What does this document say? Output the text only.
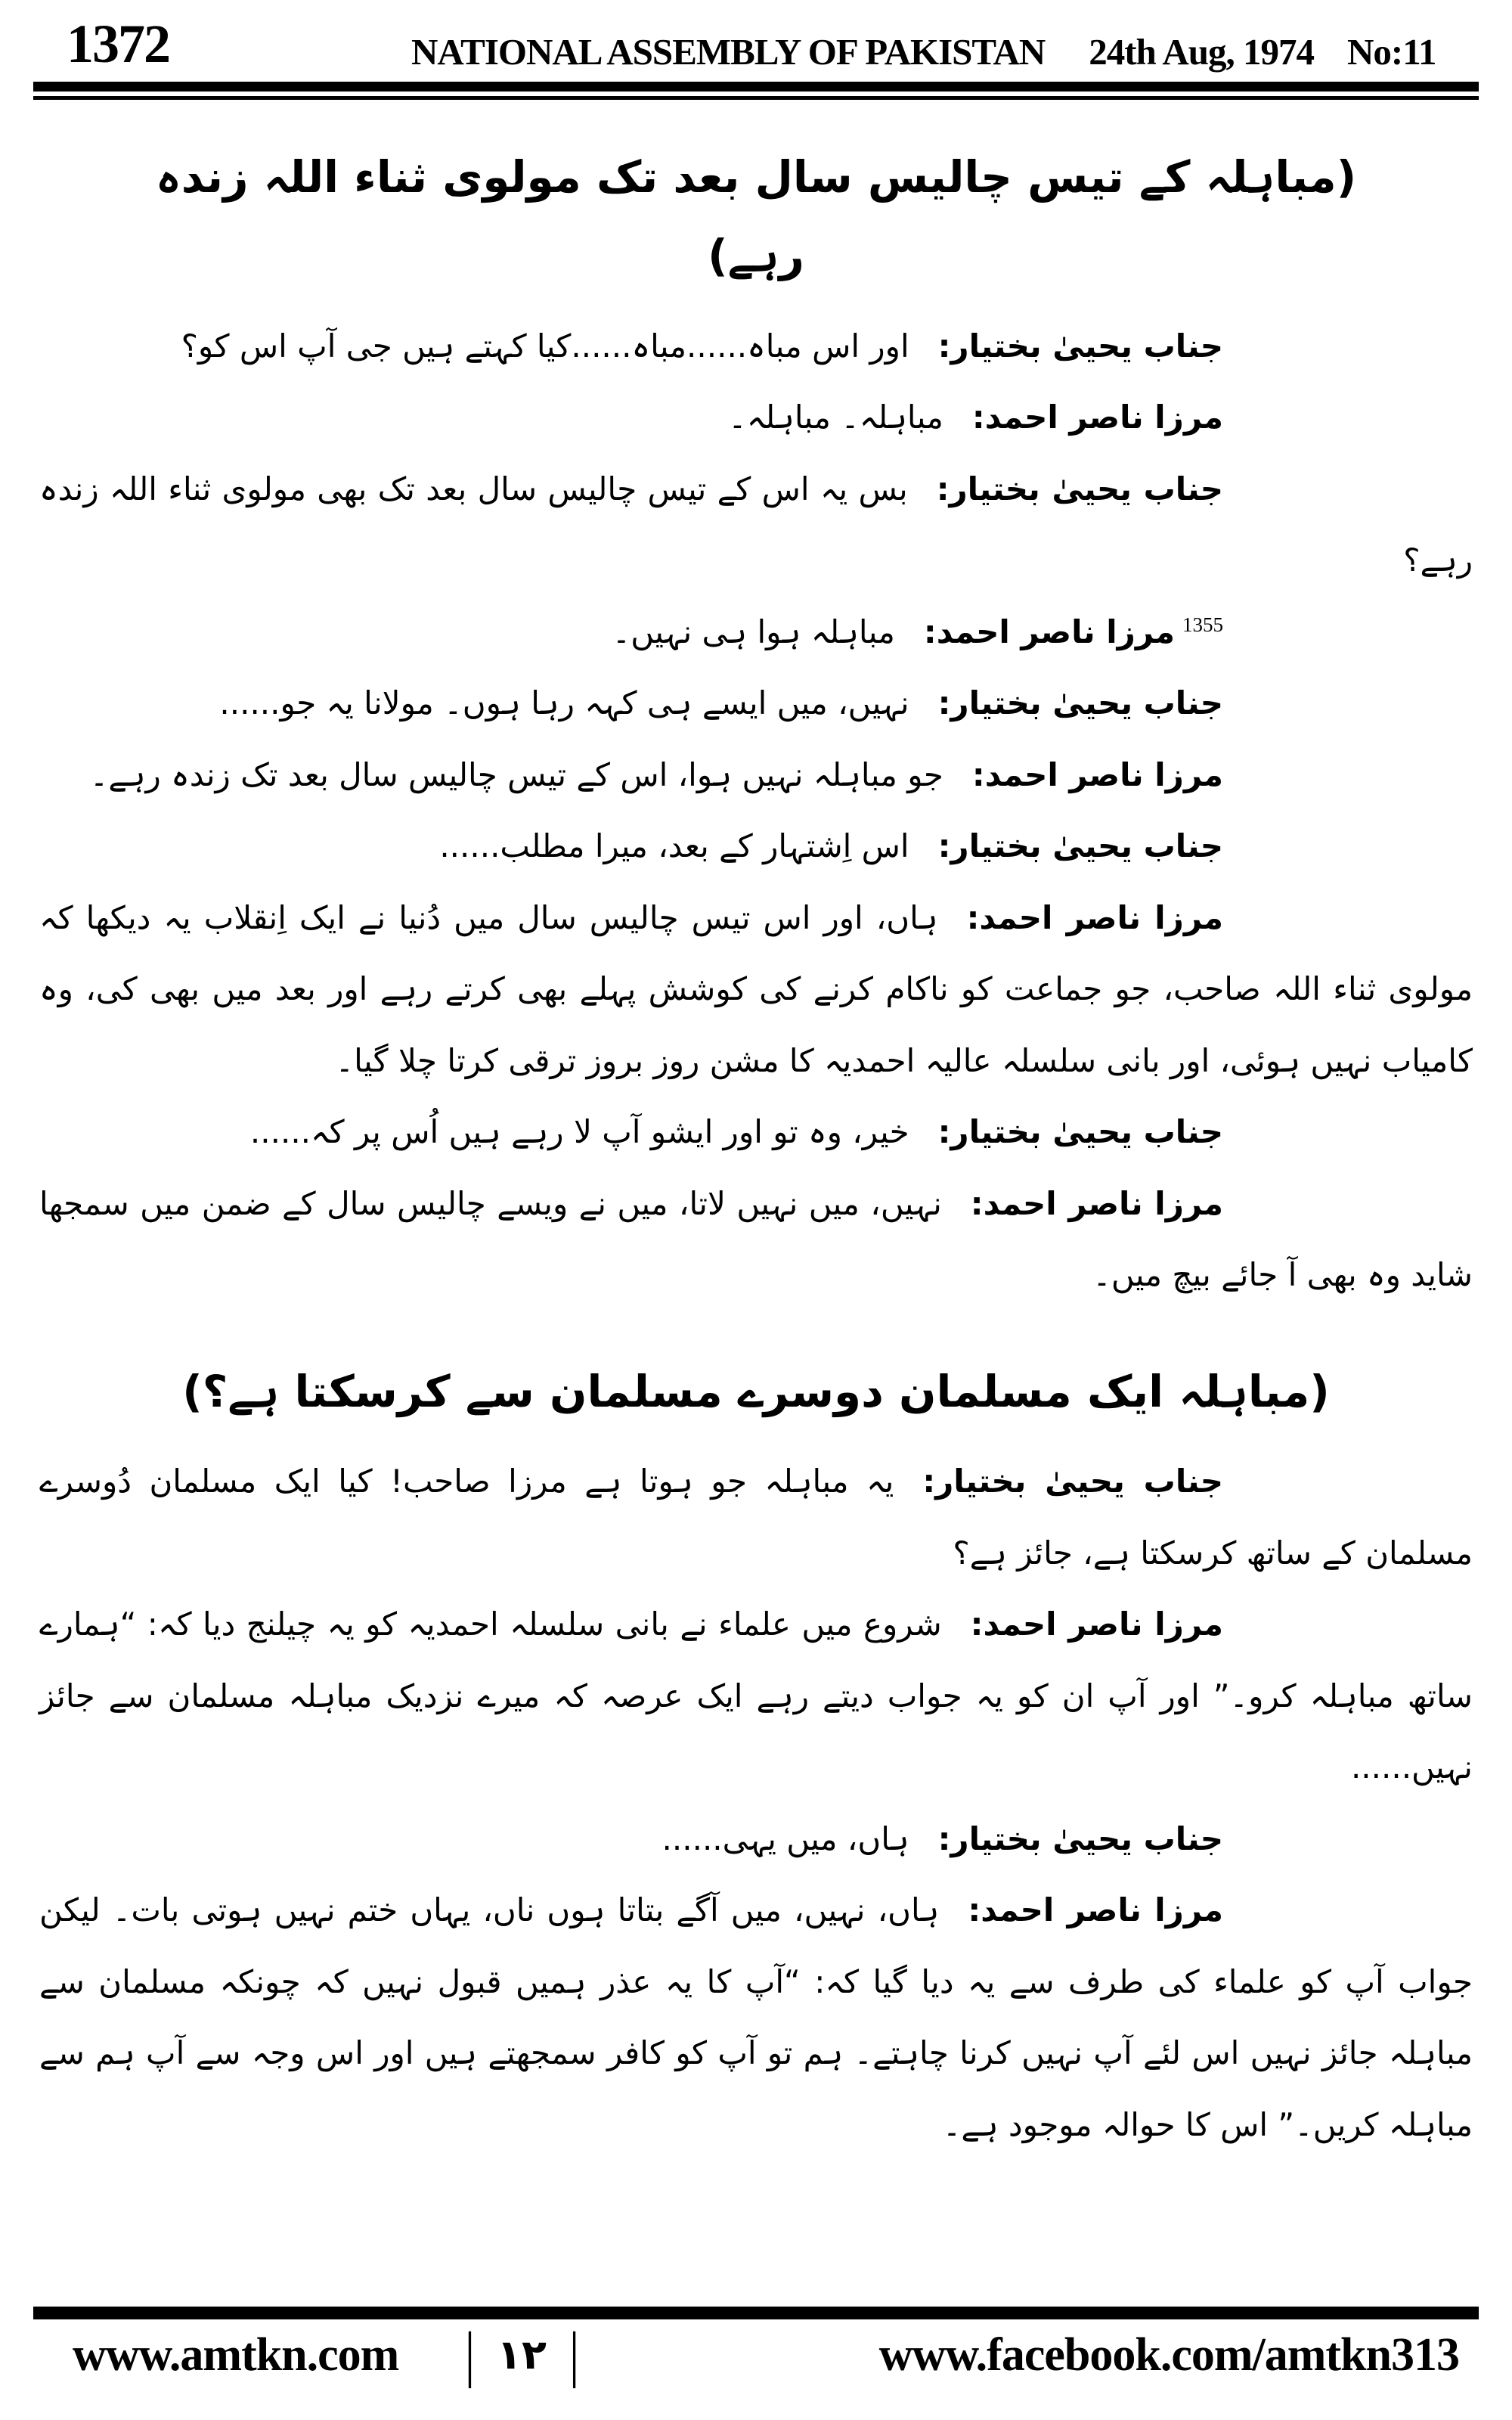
1372	NATIONAL ASSEMBLY OF PAKISTAN 24th Aug, 1974 No:11
(مباہلہ کے تیس چالیس سال بعد تک مولوی ثناء اللہ زندہ رہے)

جناب یحییٰ بختیار:اور اس مباہ......مباہ......کیا کہتے ہیں جی آپ اس کو؟

مرزا ناصر احمد:مباہلہ۔ مباہلہ۔

جناب یحییٰ بختیار:بس یہ اس کے تیس چالیس سال بعد تک بھی مولوی ثناء اللہ زندہ رہے؟

$^{1355}$مرزا ناصر احمد:مباہلہ ہوا ہی نہیں۔

جناب یحییٰ بختیار:نہیں، میں ایسے ہی کہہ رہا ہوں۔ مولانا یہ جو......

مرزا ناصر احمد:جو مباہلہ نہیں ہوا، اس کے تیس چالیس سال بعد تک زندہ رہے۔

جناب یحییٰ بختیار:اس اِشتہار کے بعد، میرا مطلب......

مرزا ناصر احمد:ہاں، اور اس تیس چالیس سال میں دُنیا نے ایک اِنقلاب یہ دیکھا کہ مولوی ثناء اللہ صاحب، جو جماعت کو ناکام کرنے کی کوشش پہلے بھی کرتے رہے اور بعد میں بھی کی، وہ کامیاب نہیں ہوئی، اور بانی سلسلہ عالیہ احمدیہ کا مشن روز بروز ترقی کرتا چلا گیا۔

جناب یحییٰ بختیار:خیر، وہ تو اور ایشو آپ لا رہے ہیں اُس پر کہ......

مرزا ناصر احمد:نہیں، میں نہیں لاتا، میں نے ویسے چالیس سال کے ضمن میں سمجھا شاید وہ بھی آ جائے بیچ میں۔

(مباہلہ ایک مسلمان دوسرے مسلمان سے کرسکتا ہے؟)

جناب یحییٰ بختیار:یہ مباہلہ جو ہوتا ہے مرزا صاحب! کیا ایک مسلمان دُوسرے مسلمان کے ساتھ کرسکتا ہے، جائز ہے؟

مرزا ناصر احمد:شروع میں علماء نے بانی سلسلہ احمدیہ کو یہ چیلنج دیا کہ: “ہمارے ساتھ مباہلہ کرو۔” اور آپ ان کو یہ جواب دیتے رہے ایک عرصہ کہ میرے نزدیک مباہلہ مسلمان سے جائز نہیں......

جناب یحییٰ بختیار:ہاں، میں یہی......

مرزا ناصر احمد:ہاں، نہیں، میں آگے بتاتا ہوں ناں، یہاں ختم نہیں ہوتی بات۔ لیکن جواب آپ کو علماء کی طرف سے یہ دیا گیا کہ: “آپ کا یہ عذر ہمیں قبول نہیں کہ چونکہ مسلمان سے مباہلہ جائز نہیں اس لئے آپ نہیں کرنا چاہتے۔ ہم تو آپ کو کافر سمجھتے ہیں اور اس وجہ سے آپ ہم سے مباہلہ کریں۔” اس کا حوالہ موجود ہے۔

www.amtkn.com | ۱۲ |	www.facebook.com/amtkn313
